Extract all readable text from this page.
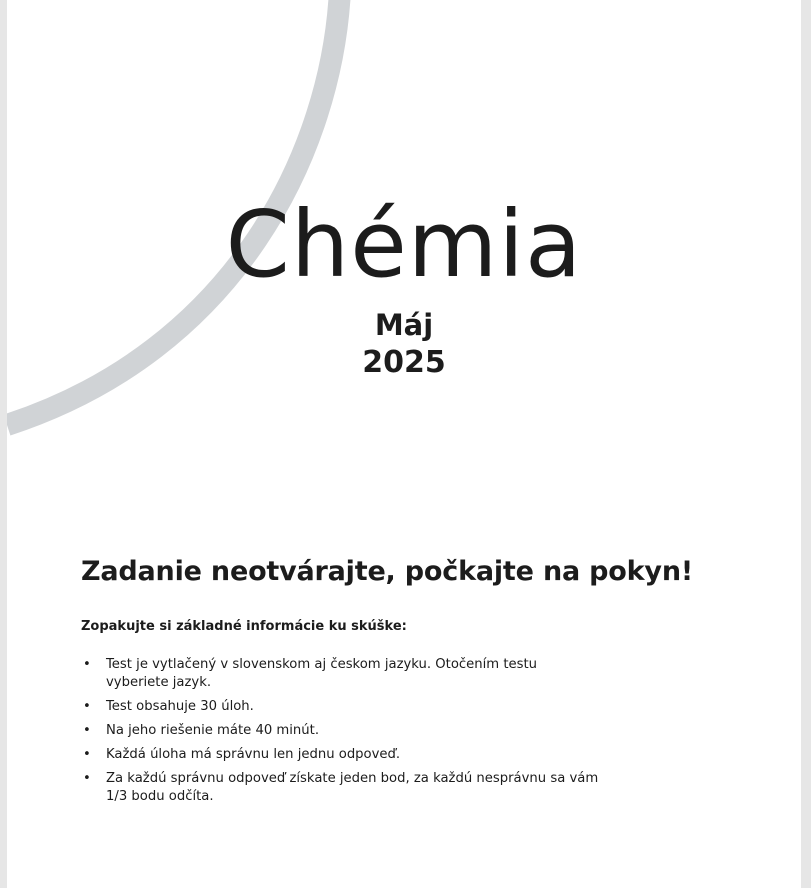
Chémia
Máj
2025
Zadanie neotvárajte, počkajte na pokyn!
Zopakujte si základné informácie ku skúške:
• Test je vytlačený v slovenskom aj českom jazyku. Otočením testu
vyberiete jazyk.
• Test obsahuje 30 úloh.
• Na jeho riešenie máte 40 minút.
• Každá úloha má správnu len jednu odpoveď.
• Za každú správnu odpoveď získate jeden bod, za každú nesprávnu sa vám
1/3 bodu odčíta.
